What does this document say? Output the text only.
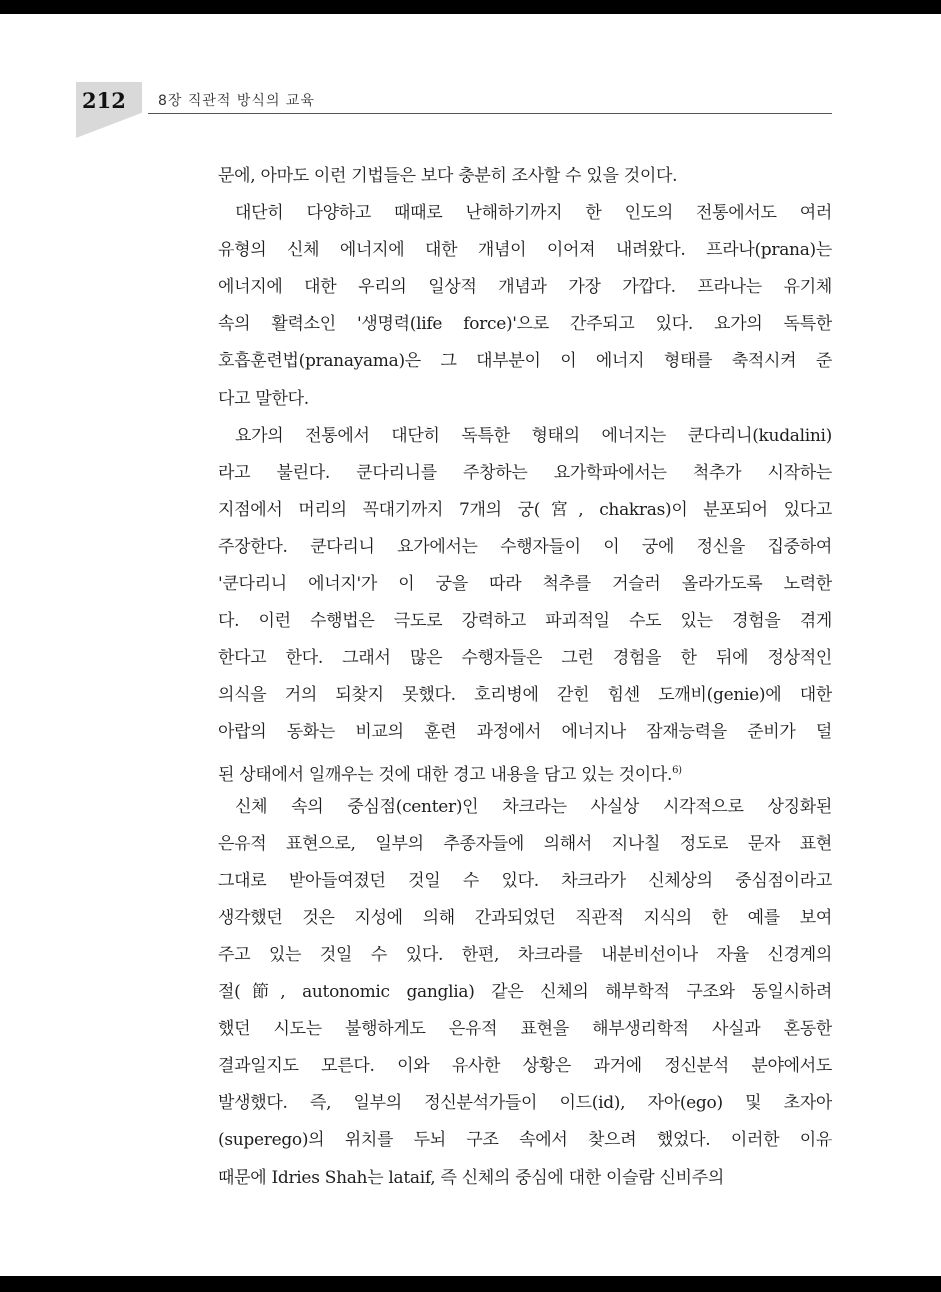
212 8장 직관적 방식의 교육
문에, 아마도 이런 기법들은 보다 충분히 조사할 수 있을 것이다.
대단히 다양하고 때때로 난해하기까지 한 인도의 전통에서도 여러
유형의 신체 에너지에 대한 개념이 이어져 내려왔다. 프라나(prana)는
에너지에 대한 우리의 일상적 개념과 가장 가깝다. 프라나는 유기체
속의 활력소인 '생명력(life force)'으로 간주되고 있다. 요가의 독특한
호흡훈련법(pranayama)은 그 대부분이 이 에너지 형태를 축적시켜 준
다고 말한다.
요가의 전통에서 대단히 독특한 형태의 에너지는 쿤다리니(kudalini)
라고 불린다. 쿤다리니를 주창하는 요가학파에서는 척추가 시작하는
지점에서 머리의 꼭대기까지 7개의 궁(宮, chakras)이 분포되어 있다고
주장한다. 쿤다리니 요가에서는 수행자들이 이 궁에 정신을 집중하여
'쿤다리니 에너지'가 이 궁을 따라 척추를 거슬러 올라가도록 노력한
다. 이런 수행법은 극도로 강력하고 파괴적일 수도 있는 경험을 겪게
한다고 한다. 그래서 많은 수행자들은 그런 경험을 한 뒤에 정상적인
의식을 거의 되찾지 못했다. 호리병에 갇힌 힘센 도깨비(genie)에 대한
아랍의 동화는 비교의 훈련 과정에서 에너지나 잠재능력을 준비가 덜
된 상태에서 일깨우는 것에 대한 경고 내용을 담고 있는 것이다.$^{6)}$
신체 속의 중심점(center)인 차크라는 사실상 시각적으로 상징화된
은유적 표현으로, 일부의 추종자들에 의해서 지나칠 정도로 문자 표현
그대로 받아들여졌던 것일 수 있다. 차크라가 신체상의 중심점이라고
생각했던 것은 지성에 의해 간과되었던 직관적 지식의 한 예를 보여
주고 있는 것일 수 있다. 한편, 차크라를 내분비선이나 자율 신경계의
절(節, autonomic ganglia) 같은 신체의 해부학적 구조와 동일시하려
했던 시도는 불행하게도 은유적 표현을 해부생리학적 사실과 혼동한
결과일지도 모른다. 이와 유사한 상황은 과거에 정신분석 분야에서도
발생했다. 즉, 일부의 정신분석가들이 이드(id), 자아(ego) 및 초자아
(superego)의 위치를 두뇌 구조 속에서 찾으려 했었다. 이러한 이유
때문에 Idries Shah는 lataif, 즉 신체의 중심에 대한 이슬람 신비주의
